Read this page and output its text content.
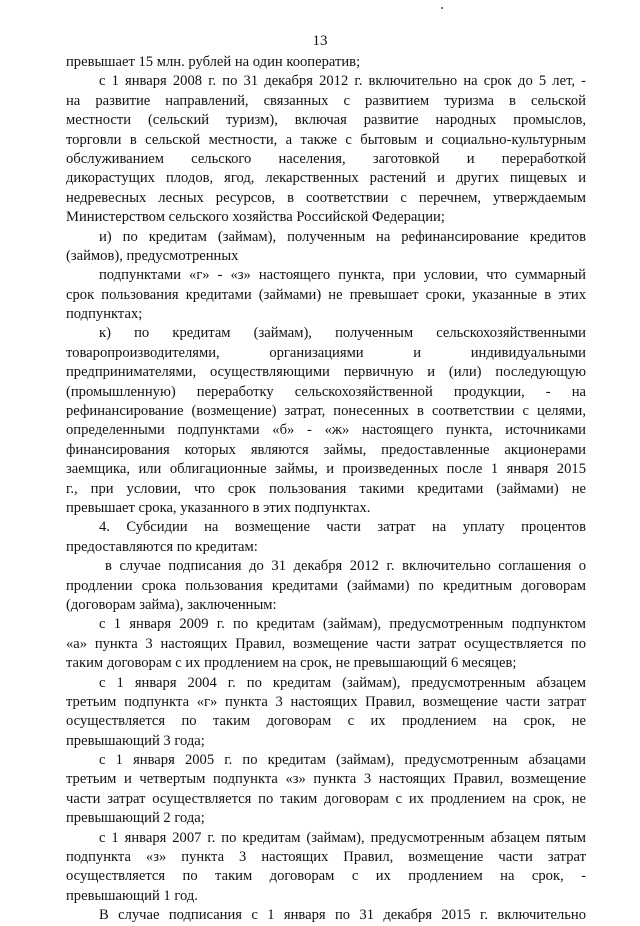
13
превышает 15 млн. рублей на один кооператив;
с 1 января 2008 г. по 31 декабря 2012 г. включительно на срок до 5 лет, -
на развитие направлений, связанных с развитием туризма в сельской
местности (сельский туризм), включая развитие народных промыслов,
торговли в сельской местности, а также с бытовым и социально-культурным
обслуживанием сельского населения, заготовкой и переработкой
дикорастущих плодов, ягод, лекарственных растений и других пищевых и
недревесных лесных ресурсов, в соответствии с перечнем, утверждаемым
Министерством сельского хозяйства Российской Федерации;
и) по кредитам (займам), полученным на рефинансирование кредитов
(займов), предусмотренных
подпунктами «г» - «з» настоящего пункта, при условии, что суммарный
срок пользования кредитами (займами) не превышает сроки, указанные в этих
подпунктах;
к) по кредитам (займам), полученным сельскохозяйственными
товаропроизводителями, организациями и индивидуальными
предпринимателями, осуществляющими первичную и (или) последующую
(промышленную) переработку сельскохозяйственной продукции, - на
рефинансирование (возмещение) затрат, понесенных в соответствии с целями,
определенными подпунктами «б» - «ж» настоящего пункта, источниками
финансирования которых являются займы, предоставленные акционерами
заемщика, или облигационные займы, и произведенных после 1 января 2015
г., при условии, что срок пользования такими кредитами (займами) не
превышает срока, указанного в этих подпунктах.
4. Субсидии на возмещение части затрат на уплату процентов
предоставляются по кредитам:
в случае подписания до 31 декабря 2012 г. включительно соглашения о
продлении срока пользования кредитами (займами) по кредитным договорам
(договорам займа), заключенным:
с 1 января 2009 г. по кредитам (займам), предусмотренным подпунктом
«а» пункта 3 настоящих Правил, возмещение части затрат осуществляется по
таким договорам с их продлением на срок, не превышающий 6 месяцев;
с 1 января 2004 г. по кредитам (займам), предусмотренным абзацем
третьим подпункта «г» пункта 3 настоящих Правил, возмещение части затрат
осуществляется по таким договорам с их продлением на срок, не
превышающий 3 года;
с 1 января 2005 г. по кредитам (займам), предусмотренным абзацами
третьим и четвертым подпункта «з» пункта 3 настоящих Правил, возмещение
части затрат осуществляется по таким договорам с их продлением на срок, не
превышающий 2 года;
с 1 января 2007 г. по кредитам (займам), предусмотренным абзацем пятым
подпункта «з» пункта 3 настоящих Правил, возмещение части затрат
осуществляется по таким договорам с их продлением на срок, -
превышающий 1 год.
В случае подписания с 1 января по 31 декабря 2015 г. включительно
